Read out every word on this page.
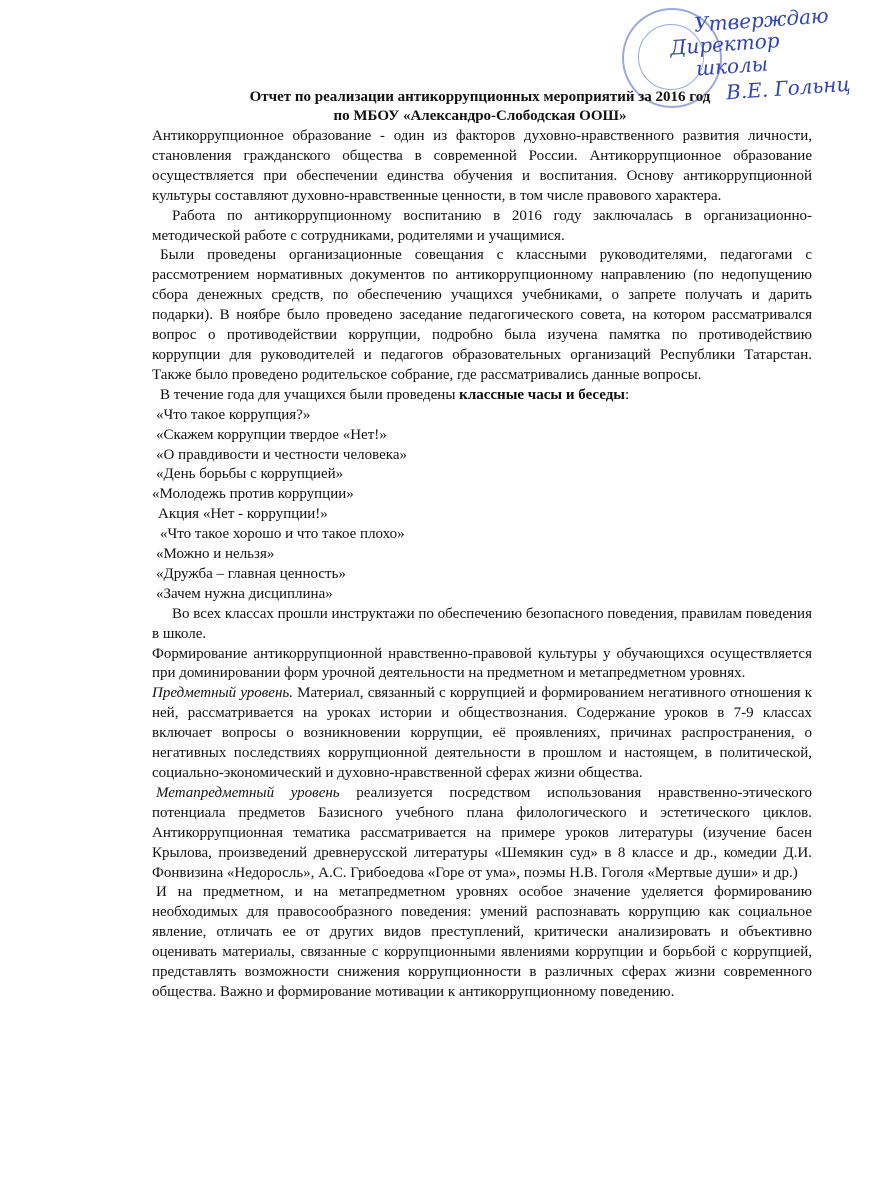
Утверждаю
Директор
школы
В.Е. Гольнц
Отчет по реализации антикоррупционных мероприятий за 2016 год
по МБОУ «Александро-Слободская ООШ»

Антикоррупционное образование - один из факторов духовно-нравственного развития личности, становления гражданского общества в современной России. Антикоррупционное образование осуществляется при обеспечении единства обучения и воспитания. Основу антикоррупционной культуры составляют духовно-нравственные ценности, в том числе правового характера.

Работа по антикоррупционному воспитанию в 2016 году заключалась в организационно-методической работе с сотрудниками, родителями и учащимися.

Были проведены организационные совещания с классными руководителями, педагогами с рассмотрением нормативных документов по антикоррупционному направлению (по недопущению сбора денежных средств, по обеспечению учащихся учебниками, о запрете получать и дарить подарки). В ноябре было проведено заседание педагогического совета, на котором рассматривался вопрос о противодействии коррупции, подробно была изучена памятка по противодействию коррупции для руководителей и педагогов образовательных организаций Республики Татарстан. Также было проведено родительское собрание, где рассматривались данные вопросы.

В течение года для учащихся были проведены классные часы и беседы:

«Что такое коррупция?»

«Скажем коррупции твердое «Нет!»

«О правдивости и честности человека»

«День борьбы с коррупцией»

«Молодежь против коррупции»

Акция «Нет - коррупции!»

«Что такое хорошо и что такое плохо»

«Можно и нельзя»

«Дружба – главная ценность»

«Зачем нужна дисциплина»

Во всех классах прошли инструктажи по обеспечению безопасного поведения, правилам поведения в школе.

Формирование антикоррупционной нравственно-правовой культуры у обучающихся осуществляется при доминировании форм урочной деятельности на предметном и метапредметном уровнях.

Предметный уровень. Материал, связанный с коррупцией и формированием негативного отношения к ней, рассматривается на уроках истории и обществознания. Содержание уроков в 7-9 классах включает вопросы о возникновении коррупции, её проявлениях, причинах распространения, о негативных последствиях коррупционной деятельности в прошлом и настоящем, в политической, социально-экономический и духовно-нравственной сферах жизни общества.

Метапредметный уровень реализуется посредством использования нравственно-этического потенциала предметов Базисного учебного плана филологического и эстетического циклов. Антикоррупционная тематика рассматривается на примере уроков литературы (изучение басен Крылова, произведений древнерусской литературы «Шемякин суд» в 8 классе и др., комедии Д.И. Фонвизина «Недоросль», А.С. Грибоедова «Горе от ума», поэмы Н.В. Гоголя «Мертвые души» и др.)

И на предметном, и на метапредметном уровнях особое значение уделяется формированию необходимых для правосообразного поведения: умений распознавать коррупцию как социальное явление, отличать ее от других видов преступлений, критически анализировать и объективно оценивать материалы, связанные с коррупционными явлениями коррупции и борьбой с коррупцией, представлять возможности снижения коррупционности в различных сферах жизни современного общества. Важно и формирование мотивации к антикоррупционному поведению.
